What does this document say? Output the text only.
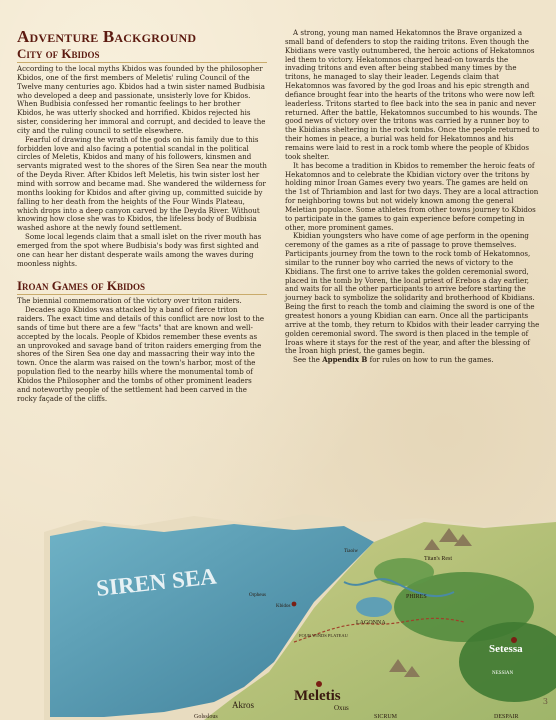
Adventure Background
City of Kbidos

According to the local myths Kbidos was founded by the philosopher Kbidos, one of the first members of Meletis' ruling Council of the Twelve many centuries ago. Kbidos had a twin sister named Budbisia who developed a deep and passionate, unsisterly love for Kbidos. When Budbisia confessed her romantic feelings to her brother Kbidos, he was utterly shocked and horrified. Kbidos rejected his sister, considering her immoral and corrupt, and decided to leave the city and the ruling council to settle elsewhere.

Fearful of drawing the wrath of the gods on his family due to this forbidden love and also facing a potential scandal in the political circles of Meletis, Kbidos and many of his followers, kinsmen and servants migrated west to the shores of the Siren Sea near the mouth of the Deyda River. After Kbidos left Meletis, his twin sister lost her mind with sorrow and became mad. She wandered the wilderness for months looking for Kbidos and after giving up, committed suicide by falling to her death from the heights of the Four Winds Plateau, which drops into a deep canyon carved by the Deyda River. Without knowing how close she was to Kbidos, the lifeless body of Budbisia washed ashore at the newly found settlement.

Some local legends claim that a small islet on the river mouth has emerged from the spot where Budbisia's body was first sighted and one can hear her distant desperate wails among the waves during moonless nights.

Iroan Games of Kbidos

The biennial commemoration of the victory over triton raiders.

Decades ago Kbidos was attacked by a band of fierce triton raiders. The exact time and details of this conflict are now lost to the sands of time but there are a few "facts" that are known and well-accepted by the locals. People of Kbidos remember these events as an unprovoked and savage band of triton raiders emerging from the shores of the Siren Sea one day and massacring their way into the town. Once the alarm was raised on the town's harbor, most of the population fled to the nearby hills where the monumental tomb of Kbidos the Philosopher and the tombs of other prominent leaders and noteworthy people of the settlement had been carved in the rocky façade of the cliffs.

A strong, young man named Hekatomnos the Brave organized a small band of defenders to stop the raiding tritons. Even though the Kbidians were vastly outnumbered, the heroic actions of Hekatomnos led them to victory. Hekatomnos charged head-on towards the invading tritons and even after being stabbed many times by the tritons, he managed to slay their leader. Legends claim that Hekatomnos was favored by the god Iroas and his epic strength and defiance brought fear into the hearts of the tritons who were now left leaderless. Tritons started to flee back into the sea in panic and never returned. After the battle, Hekatomnos succumbed to his wounds. The good news of victory over the tritons was carried by a runner boy to the Kbidians sheltering in the rock tombs. Once the people returned to their homes in peace, a burial was held for Hekatomnos and his remains were laid to rest in a rock tomb where the people of Kbidos took shelter.

It has become a tradition in Kbidos to remember the heroic feats of Hekatomnos and to celebrate the Kbidian victory over the tritons by holding minor Iroan Games every two years. The games are held on the 1st of Thriambion and last for two days. They are a local attraction for neighboring towns but not widely known among the general Meletian populace. Some athletes from other towns journey to Kbidos to participate in the games to gain experience before competing in other, more prominent games.

Kbidian youngsters who have come of age perform in the opening ceremony of the games as a rite of passage to prove themselves. Participants journey from the town to the rock tomb of Hekatomnos, similar to the runner boy who carried the news of victory to the Kbidians. The first one to arrive takes the golden ceremonial sword, placed in the tomb by Voren, the local priest of Erebos a day earlier, and waits for all the other participants to arrive before starting the journey back to symbolize the solidarity and brotherhood of Kbidians. Being the first to reach the tomb and claiming the sword is one of the greatest honors a young Kbidian can earn. Once all the participants arrive at the tomb, they return to Kbidos with their leader carrying the golden ceremonial sword. The sword is then placed in the temple of Iroas where it stays for the rest of the year, and after the blessing of the Iroan high priest, the games begin.

See the Appendix B for rules on how to run the games.

SIREN SEA
Meletis
Setessa
Akros	Oxus
PHIRES
LAGONNA
Titan's Rest
FOUR WINDS PLATEAU
NESSIAN
SICRUM	DESPAIR
Golsslous
Orpheus
Kbidos
Tiaoiw
3
